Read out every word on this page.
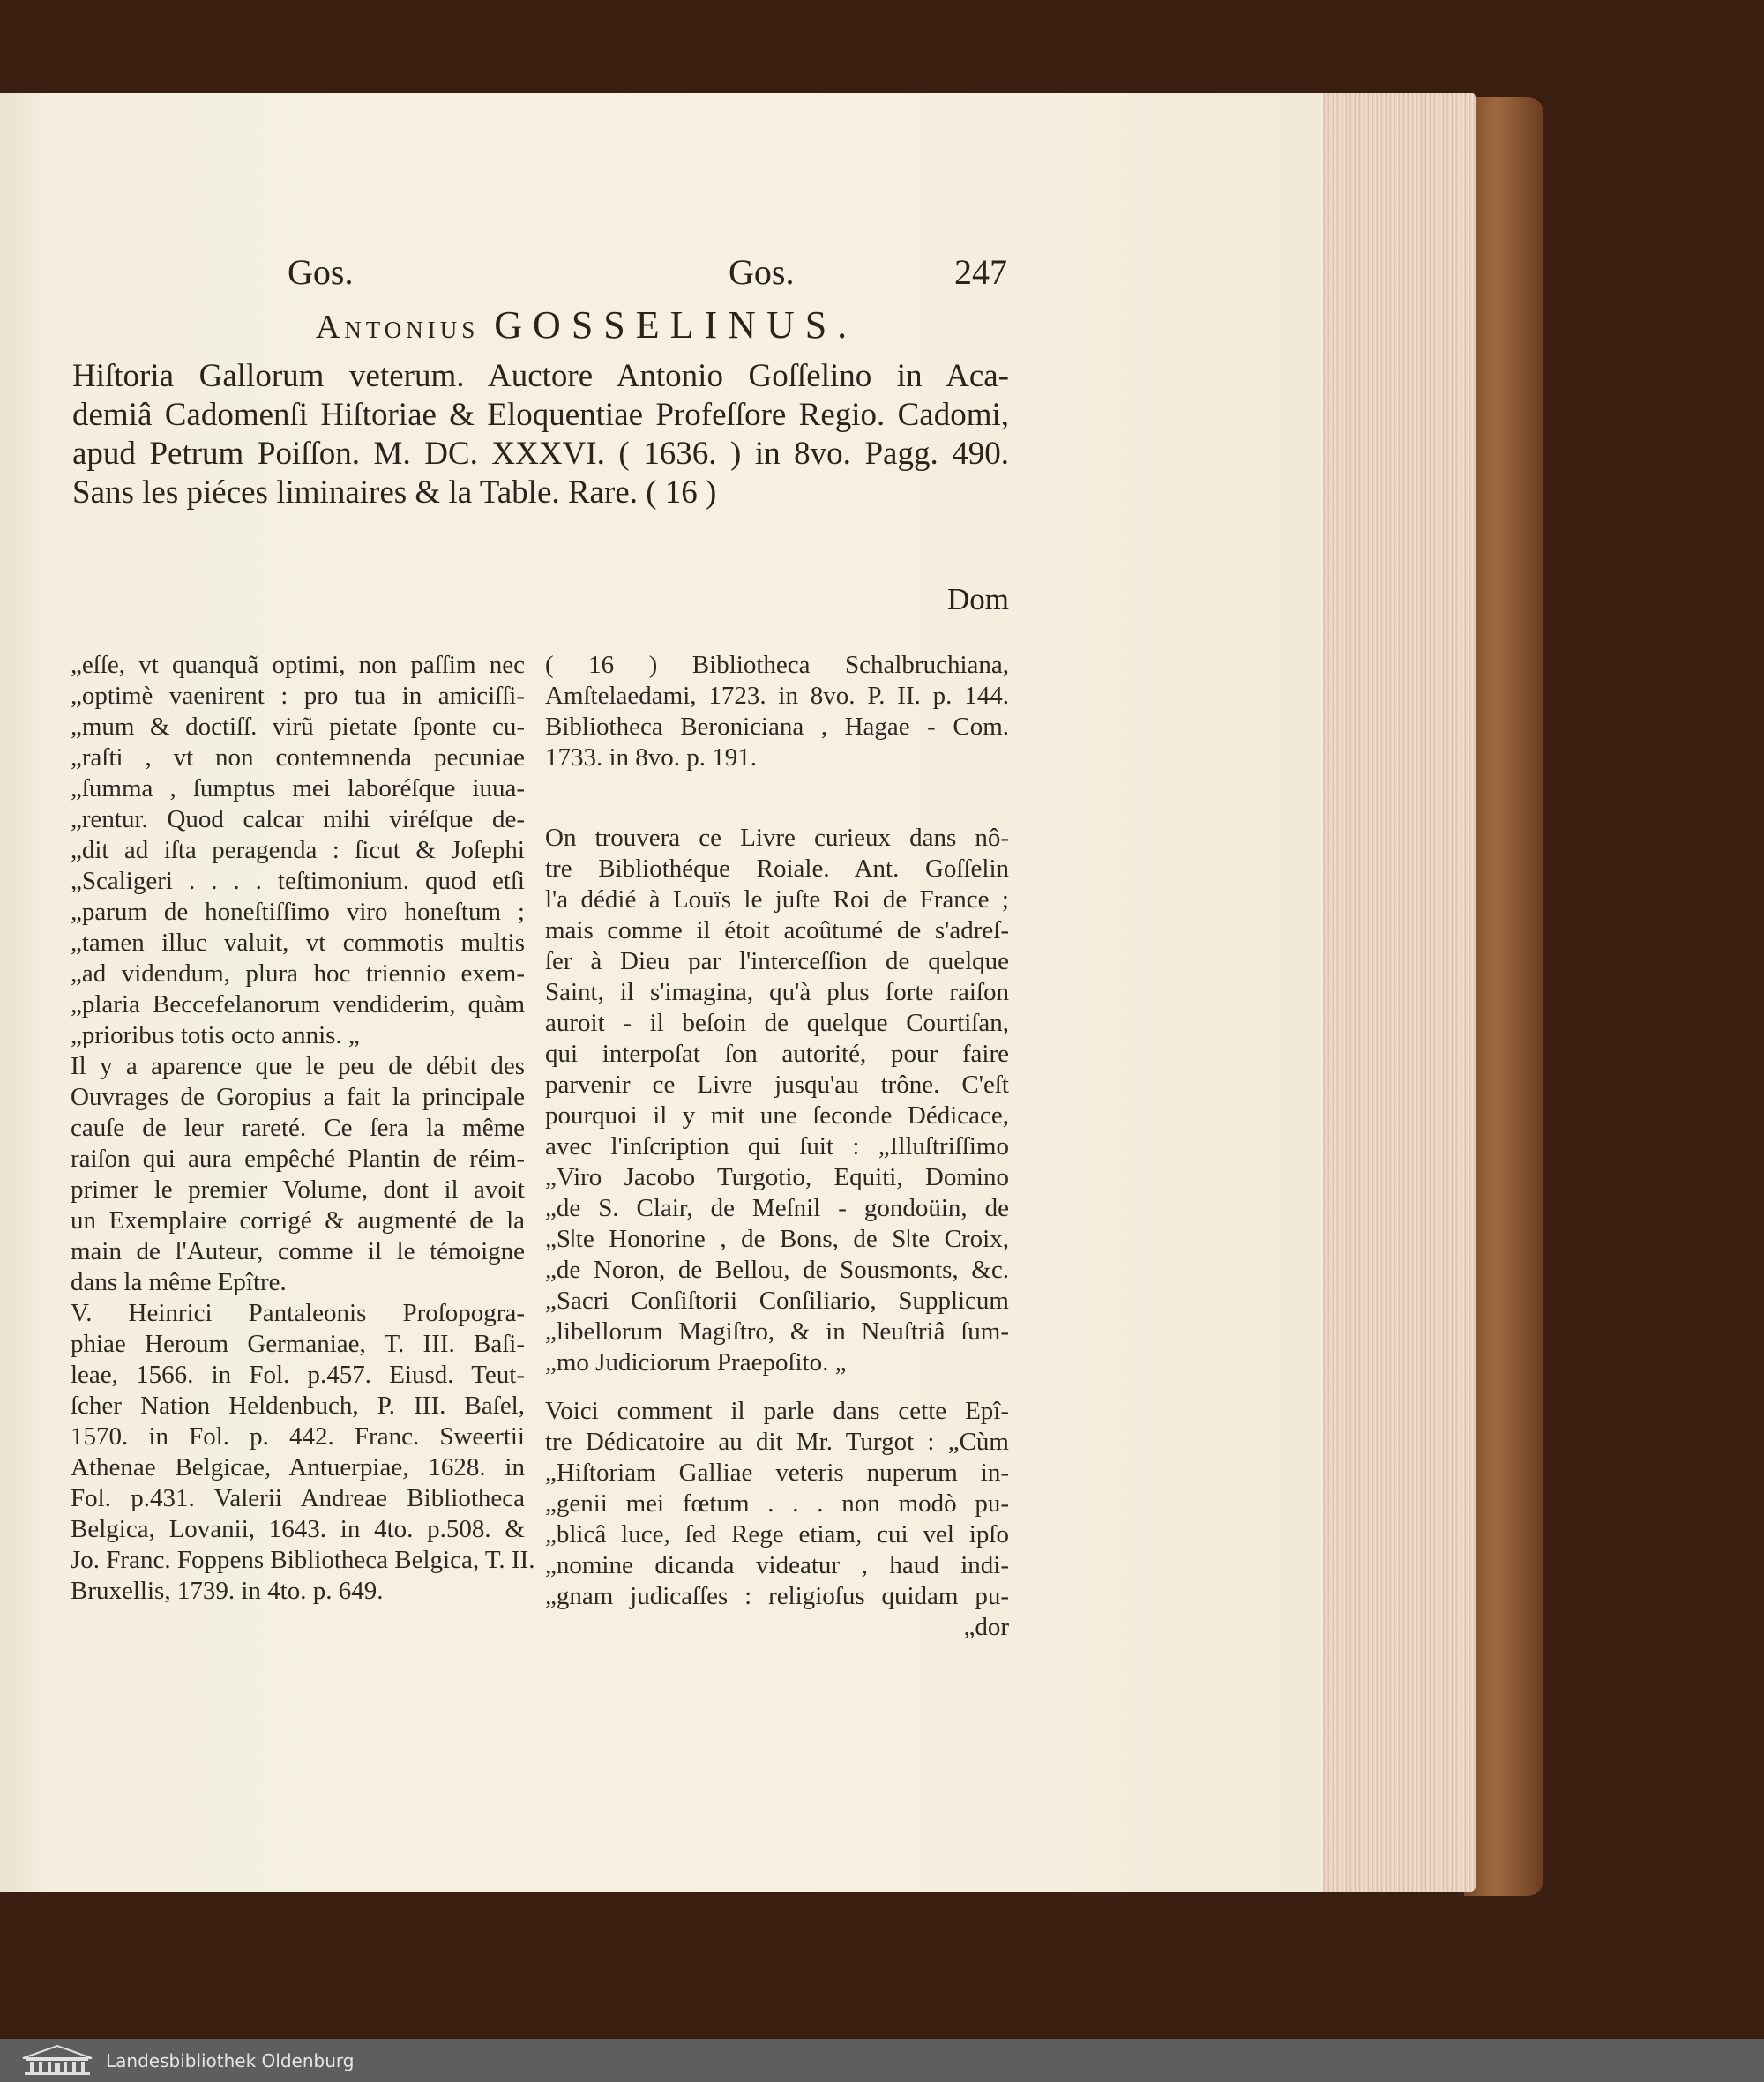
Gos.	Gos.	247
Antonius GOSSELINUS.
Hiſtoria Gallorum veterum. Auctore Antonio Goſſelino in Aca-
demiâ Cadomenſi Hiſtoriae & Eloquentiae Profeſſore Regio. Cadomi,
apud Petrum Poiſſon. M. DC. XXXVI. ( 1636. ) in 8vo. Pagg. 490.
Sans les piéces liminaires & la Table. Rare. ( 16 )
Dom
„eſſe, vt quanquã optimi, non paſſim nec
„optimè vaenirent : pro tua in amiciſſi-
„mum & doctiſſ. virũ pietate ſponte cu-
„raſti , vt non contemnenda pecuniae
„ſumma , ſumptus mei laboréſque iuua-
„rentur. Quod calcar mihi viréſque de-
„dit ad iſta peragenda : ſicut & Joſephi
„Scaligeri . . . . teſtimonium. quod etſi
„parum de honeſtiſſimo viro honeſtum ;
„tamen illuc valuit, vt commotis multis
„ad videndum, plura hoc triennio exem-
„plaria Beccefelanorum vendiderim, quàm
„prioribus totis octo annis. „
Il y a aparence que le peu de débit des
Ouvrages de Goropius a fait la principale
cauſe de leur rareté. Ce ſera la même
raiſon qui aura empêché Plantin de réim-
primer le premier Volume, dont il avoit
un Exemplaire corrigé & augmenté de la
main de l'Auteur, comme il le témoigne
dans la même Epître.
V. Heinrici Pantaleonis Proſopogra-
phiae Heroum Germaniae, T. III. Baſi-
leae, 1566. in Fol. p.457. Eiusd. Teut-
ſcher Nation Heldenbuch, P. III. Baſel,
1570. in Fol. p. 442. Franc. Sweertii
Athenae Belgicae, Antuerpiae, 1628. in
Fol. p.431. Valerii Andreae Bibliotheca
Belgica, Lovanii, 1643. in 4to. p.508. &
Jo. Franc. Foppens Bibliotheca Belgica, T. II.
Bruxellis, 1739. in 4to. p. 649.
( 16 ) Bibliotheca Schalbruchiana,
Amſtelaedami, 1723. in 8vo. P. II. p. 144.
Bibliotheca Beroniciana , Hagae - Com.
1733. in 8vo. p. 191.
On trouvera ce Livre curieux dans nô-
tre Bibliothéque Roiale. Ant. Goſſelin
l'a dédié à Louïs le juſte Roi de France ;
mais comme il étoit acoûtumé de s'adreſ-
ſer à Dieu par l'interceſſion de quelque
Saint, il s'imagina, qu'à plus forte raiſon
auroit - il beſoin de quelque Courtiſan,
qui interpoſat ſon autorité, pour faire
parvenir ce Livre jusqu'au trône. C'eſt
pourquoi il y mit une ſeconde Dédicace,
avec l'inſcription qui ſuit : „Illuſtriſſimo
„Viro Jacobo Turgotio, Equiti, Domino
„de S. Clair, de Meſnil - gondoüin, de
„Sǀte Honorine , de Bons, de Sǀte Croix,
„de Noron, de Bellou, de Sousmonts, &c.
„Sacri Conſiſtorii Conſiliario, Supplicum
„libellorum Magiſtro, & in Neuſtriâ ſum-
„mo Judiciorum Praepoſito. „
Voici comment il parle dans cette Epî-
tre Dédicatoire au dit Mr. Turgot : „Cùm
„Hiſtoriam Galliae veteris nuperum in-
„genii mei fœtum . . . non modò pu-
„blicâ luce, ſed Rege etiam, cui vel ipſo
„nomine dicanda videatur , haud indi-
„gnam judicaſſes : religioſus quidam pu-
„dor
Landesbibliothek Oldenburg
